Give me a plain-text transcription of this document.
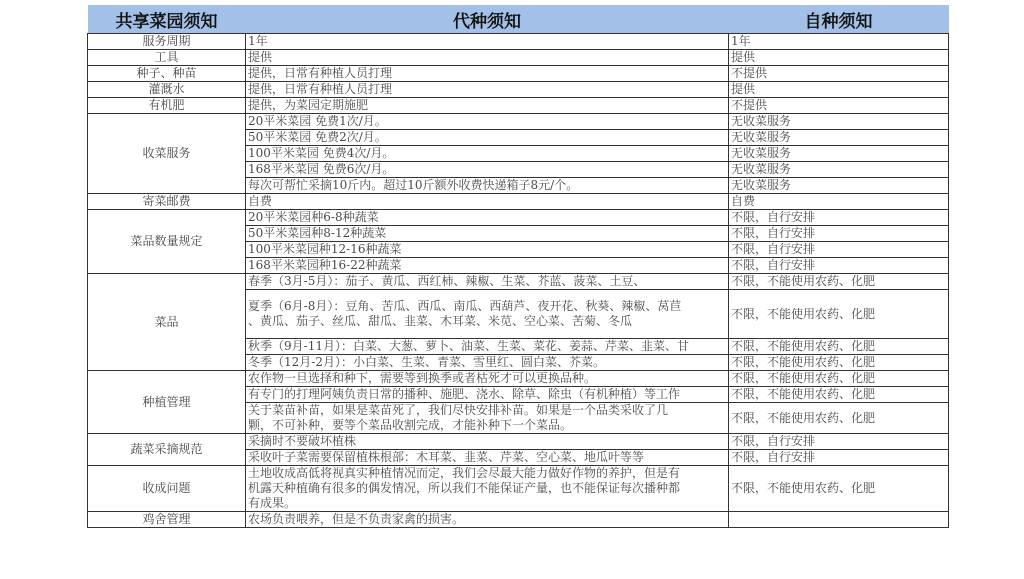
共享菜园须知	代种须知	自种须知
服务周期	1年	1年
工具	提供	提供
种子、种苗	提供，日常有种植人员打理	不提供
灌溉水	提供，日常有种植人员打理	提供
有机肥	提供，为菜园定期施肥	不提供
收菜服务	20平米菜园 免费1次/月。	无收菜服务

	50平米菜园 免费2次/月。	无收菜服务

	100平米菜园 免费4次/月。	无收菜服务

	168平米菜园 免费6次/月。	无收菜服务

	每次可帮忙采摘10斤内。超过10斤额外收费快递箱子8元/个。	无收菜服务
寄菜邮费	自费	自费
菜品数量规定	20平米菜园种6-8种蔬菜	不限，自行安排

	50平米菜园种8-12种蔬菜	不限，自行安排

	100平米菜园种12-16种蔬菜	不限，自行安排

	168平米菜园种16-22种蔬菜	不限，自行安排
菜品	春季（3月-5月）：茄子、黄瓜、西红柿、辣椒、生菜、芥蓝、菠菜、土豆、	不限，不能使用农药、化肥

	夏季（6月-8月）：豆角、苦瓜、西瓜、南瓜、西葫芦、夜开花、秋葵、辣椒、莴苣
、黄瓜、茄子、丝瓜、甜瓜、韭菜、木耳菜、米苋、空心菜、苦菊、冬瓜	不限，不能使用农药、化肥

	秋季（9月-11月）：白菜、大葱、萝卜、油菜、生菜、菜花、姜蒜、芹菜、韭菜、甘	不限，不能使用农药、化肥

	冬季（12月-2月）：小白菜、生菜、青菜、雪里红、圆白菜、芥菜。	不限，不能使用农药、化肥
种植管理	农作物一旦选择和种下，需要等到换季或者枯死才可以更换品种。	不限，不能使用农药、化肥

	有专门的打理阿姨负责日常的播种、施肥、浇水、除草、除虫（有机种植）等工作	不限，不能使用农药、化肥

	关于菜苗补苗，如果是菜苗死了，我们尽快安排补苗。如果是一个品类采收了几
颗，不可补种，要等个菜品收割完成，才能补种下一个菜品。	不限，不能使用农药、化肥
蔬菜采摘规范	采摘时不要破坏植株	不限，自行安排

	采收叶子菜需要保留植株根部：木耳菜、韭菜、芹菜、空心菜、地瓜叶等等	不限，自行安排
收成问题	土地收成高低将视真实种植情况而定，我们会尽最大能力做好作物的养护，但是有
机露天种植确有很多的偶发情况，所以我们不能保证产量，也不能保证每次播种都
有成果。	不限，不能使用农药、化肥
鸡舍管理	农场负责喂养，但是不负责家禽的损害。	
